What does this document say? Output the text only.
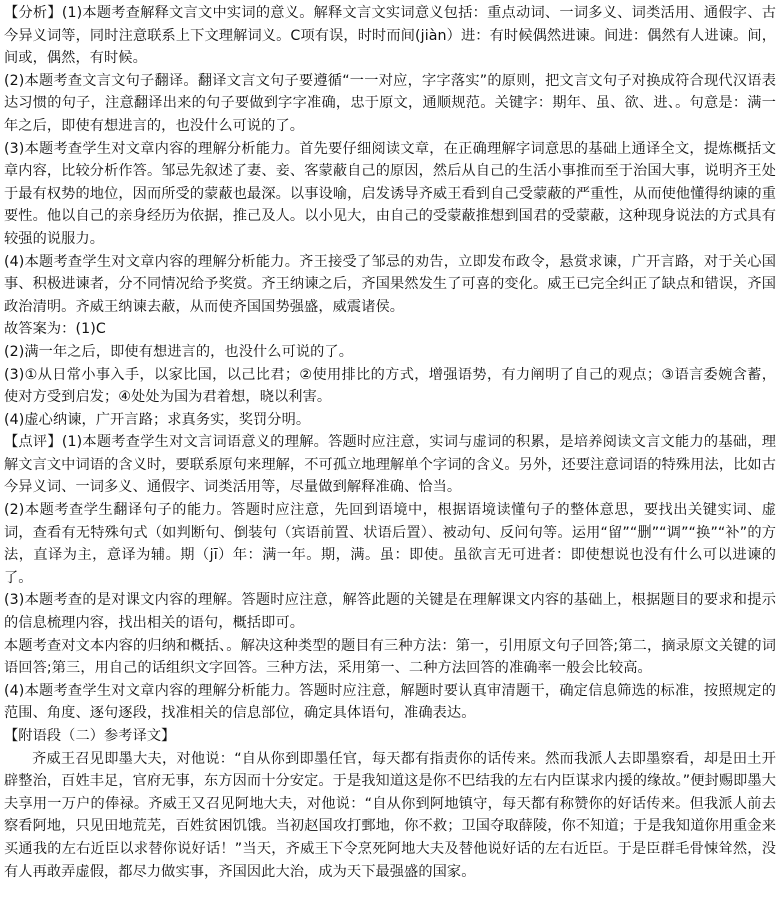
【分析】(1)本题考查解释文言文中实词的意义。解释文言文实词意义包括：重点动词、一词多义、词类活用、通假字、古今异义词等，同时注意联系上下文理解词义。C项有误，时时而间(jiàn）进：有时候偶然进谏。间进：偶然有人进谏。间，间或，偶然，有时候。

(2)本题考查文言文句子翻译。翻译文言文句子要遵循“一一对应，字字落实”的原则，把文言文句子对换成符合现代汉语表达习惯的句子，注意翻译出来的句子要做到字字准确，忠于原文，通顺规范。关键字：期年、虽、欲、进、。句意是：满一年之后，即使有想进言的，也没什么可说的了。

(3)本题考查学生对文章内容的理解分析能力。首先要仔细阅读文章，在正确理解字词意思的基础上通译全文，提炼概括文章内容，比较分析作答。邹忌先叙述了妻、妾、客蒙蔽自己的原因，然后从自己的生活小事推而至于治国大事，说明齐王处于最有权势的地位，因而所受的蒙蔽也最深。以事设喻，启发诱导齐威王看到自己受蒙蔽的严重性，从而使他懂得纳谏的重要性。他以自己的亲身经历为依据，推己及人。以小见大，由自己的受蒙蔽推想到国君的受蒙蔽，这种现身说法的方式具有较强的说服力。

(4)本题考查学生对文章内容的理解分析能力。齐王接受了邹忌的劝告，立即发布政令，悬赏求谏，广开言路，对于关心国事、积极进谏者，分不同情况给予奖赏。齐王纳谏之后，齐国果然发生了可喜的变化。威王已完全纠正了缺点和错误，齐国政治清明。齐威王纳谏去蔽，从而使齐国国势强盛，威震诸侯。

故答案为：(1)C

(2)满一年之后，即使有想进言的，也没什么可说的了。

(3)①从日常小事入手，以家比国，以己比君；②使用排比的方式，增强语势，有力阐明了自己的观点；③语言委婉含蓄，使对方受到启发；④处处为国为君着想，晓以利害。

(4)虚心纳谏，广开言路；求真务实，奖罚分明。

【点评】(1)本题考查学生对文言词语意义的理解。答题时应注意，实词与虚词的积累，是培养阅读文言文能力的基础，理解文言文中词语的含义时，要联系原句来理解，不可孤立地理解单个字词的含义。另外，还要注意词语的特殊用法，比如古今异义词、一词多义、通假字、词类活用等，尽量做到解释准确、恰当。

(2)本题考查学生翻译句子的能力。答题时应注意，先回到语境中，根据语境读懂句子的整体意思，要找出关键实词、虚词，查看有无特殊句式（如判断句、倒装句（宾语前置、状语后置）、被动句、反问句等。运用“留”“删”“调”“换”“补”的方法，直译为主，意译为辅。期（jī）年：满一年。期，满。虽：即使。虽欲言无可进者：即使想说也没有什么可以进谏的了。

(3)本题考查的是对课文内容的理解。答题时应注意，解答此题的关键是在理解课文内容的基础上，根据题目的要求和提示的信息梳理内容，找出相关的语句，概括即可。

本题考查对文本内容的归纳和概括、。解决这种类型的题目有三种方法：第一，引用原文句子回答;第二，摘录原文关键的词语回答;第三，用自己的话组织文字回答。三种方法，采用第一、二种方法回答的准确率一般会比较高。

(4)本题考查学生对文章内容的理解分析能力。答题时应注意，解题时要认真审清题干，确定信息筛选的标准，按照规定的范围、角度、逐句逐段，找准相关的信息部位，确定具体语句，准确表达。

【附语段（二）参考译文】

齐威王召见即墨大夫，对他说：“自从你到即墨任官，每天都有指责你的话传来。然而我派人去即墨察看，却是田土开辟整治，百姓丰足，官府无事，东方因而十分安定。于是我知道这是你不巴结我的左右内臣谋求内援的缘故。”便封赐即墨大夫享用一万户的俸禄。齐威王又召见阿地大夫，对他说：“自从你到阿地镇守，每天都有称赞你的好话传来。但我派人前去察看阿地，只见田地荒芜，百姓贫困饥饿。当初赵国攻打鄄地，你不救；卫国夺取薛陵，你不知道；于是我知道你用重金来买通我的左右近臣以求替你说好话！”当天，齐威王下令烹死阿地大夫及替他说好话的左右近臣。于是臣群毛骨悚耸然，没有人再敢弄虚假，都尽力做实事，齐国因此大治，成为天下最强盛的国家。
